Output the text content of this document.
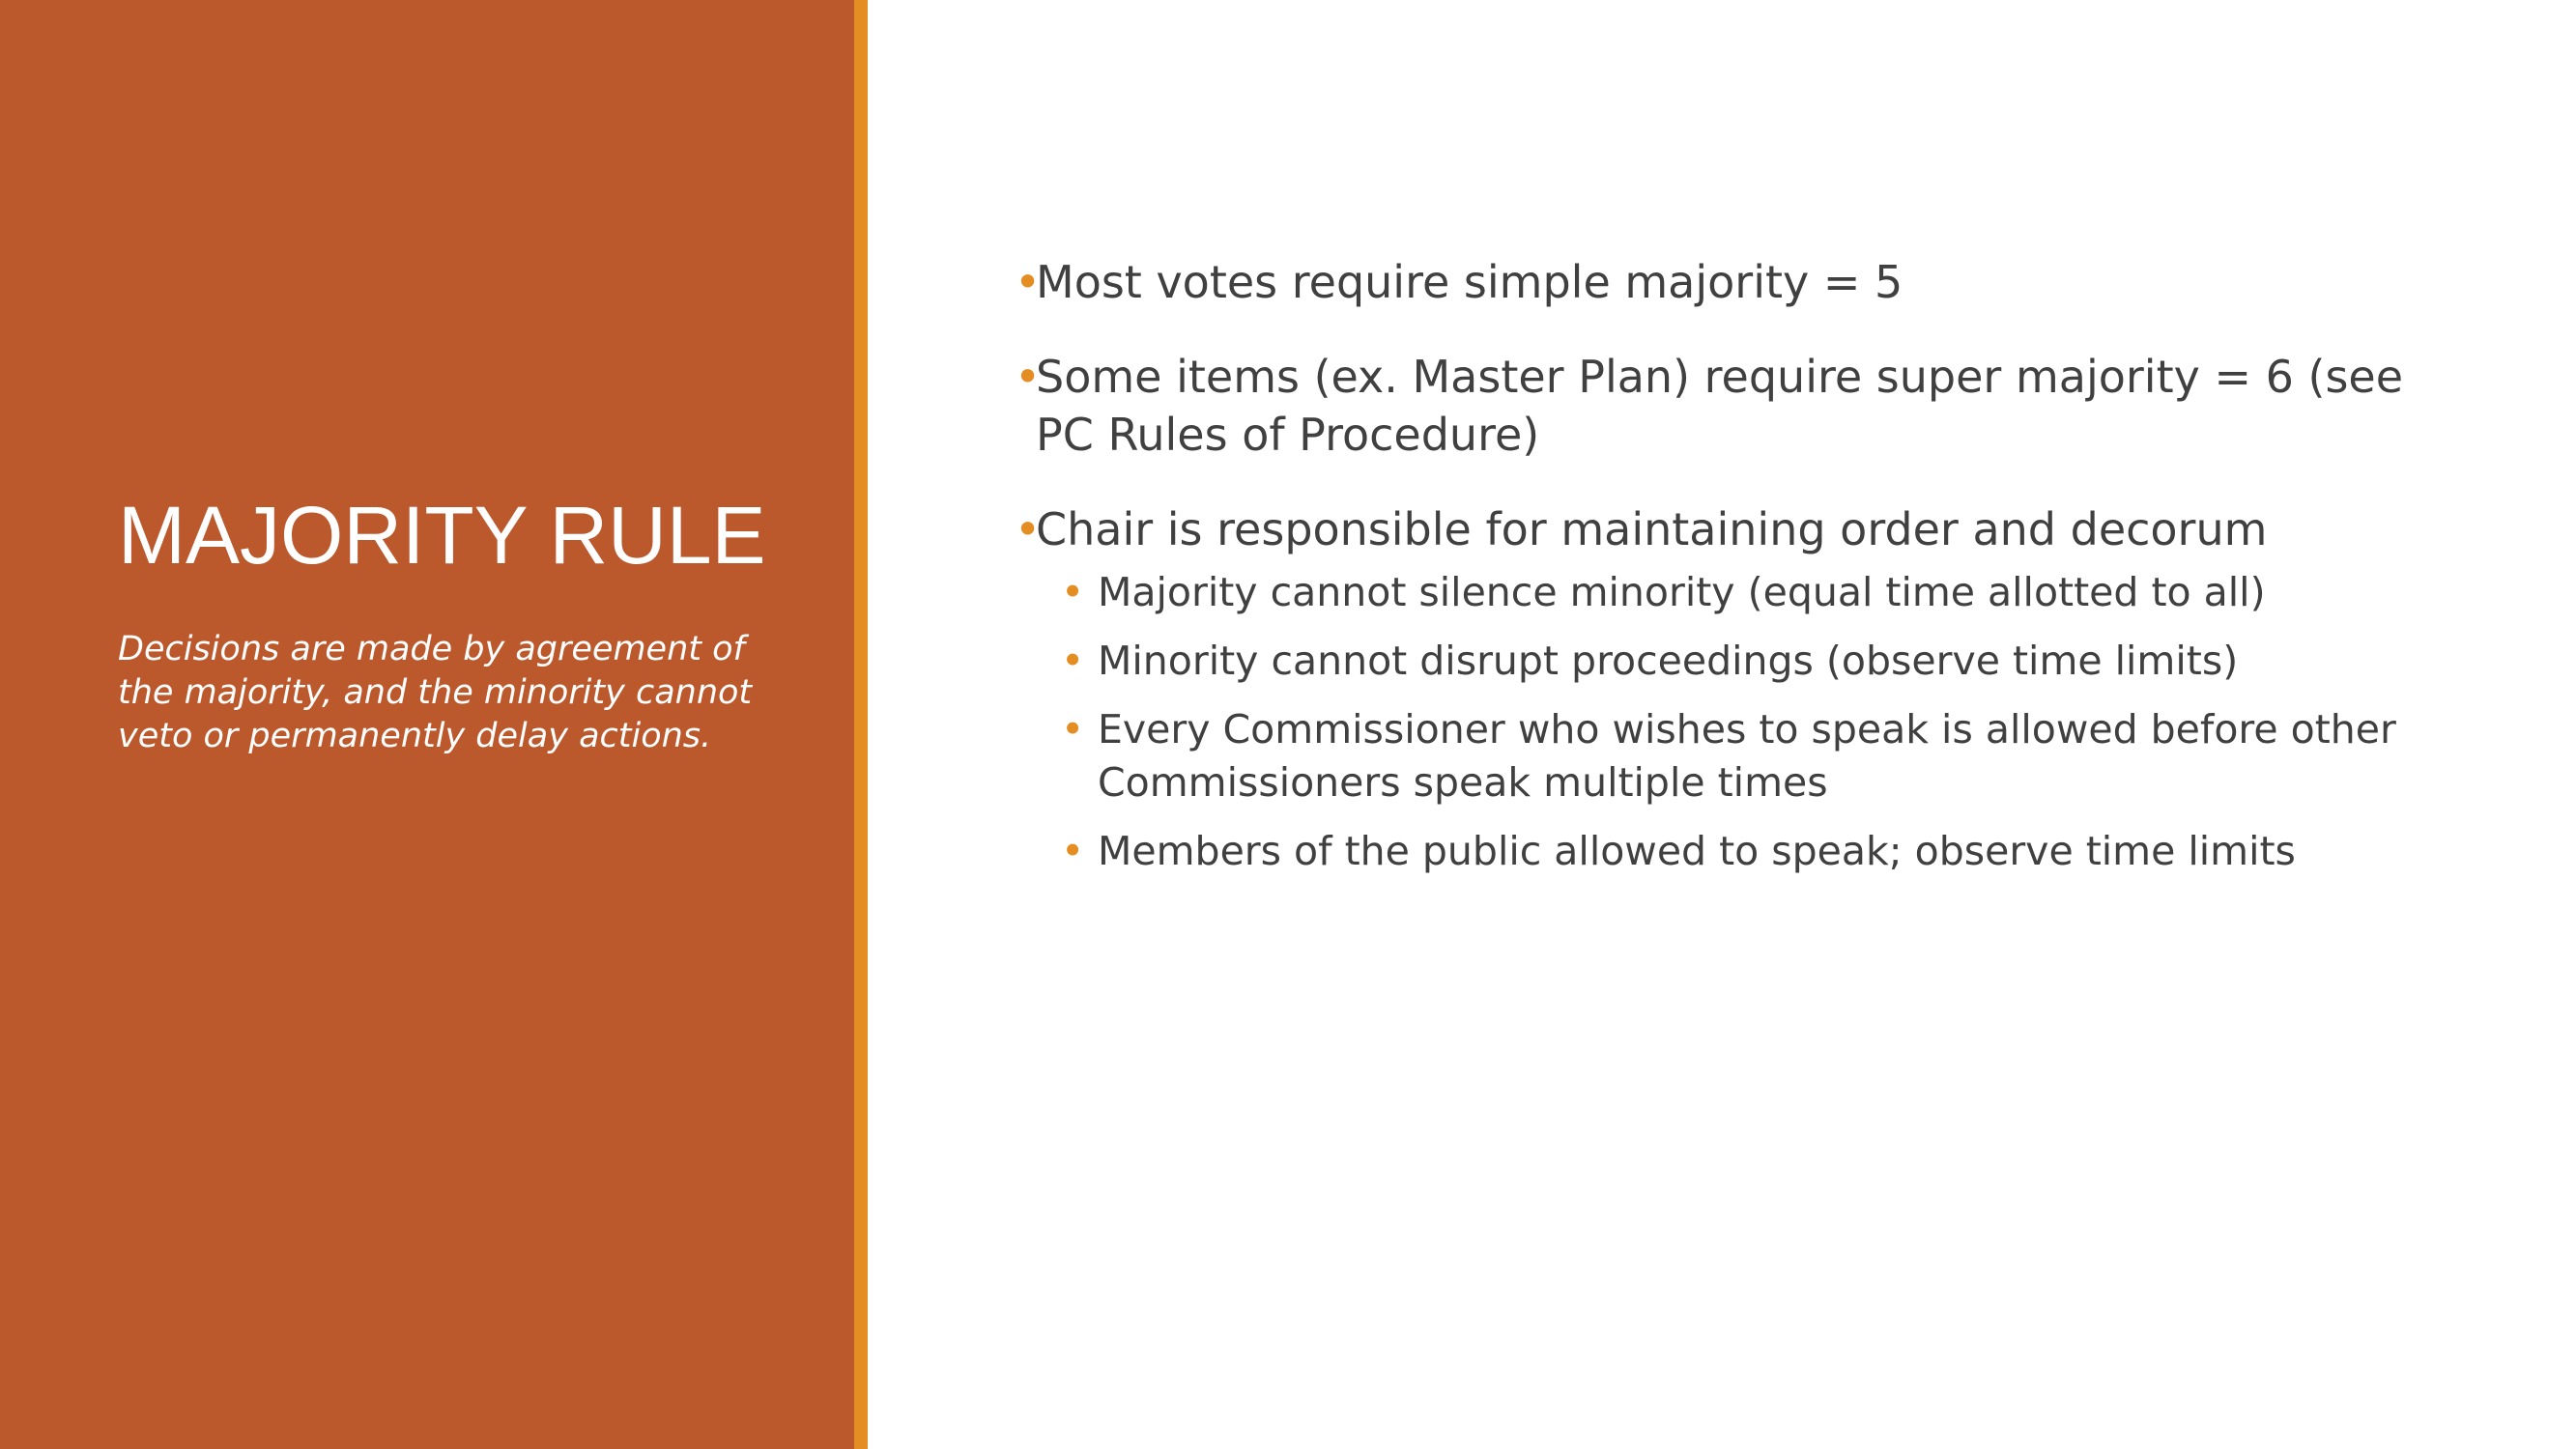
MAJORITY RULE

Decisions are made by agreement of the majority, and the minority cannot veto or permanently delay actions.

•
Most votes require simple majority = 5
•
Some items (ex. Master Plan) require super majority = 6 (see PC Rules of Procedure)
•
Chair is responsible for maintaining order and decorum
• Majority cannot silence minority (equal time allotted to all)
• Minority cannot disrupt proceedings (observe time limits)
• Every Commissioner who wishes to speak is allowed before other Commissioners speak multiple times
• Members of the public allowed to speak; observe time limits
